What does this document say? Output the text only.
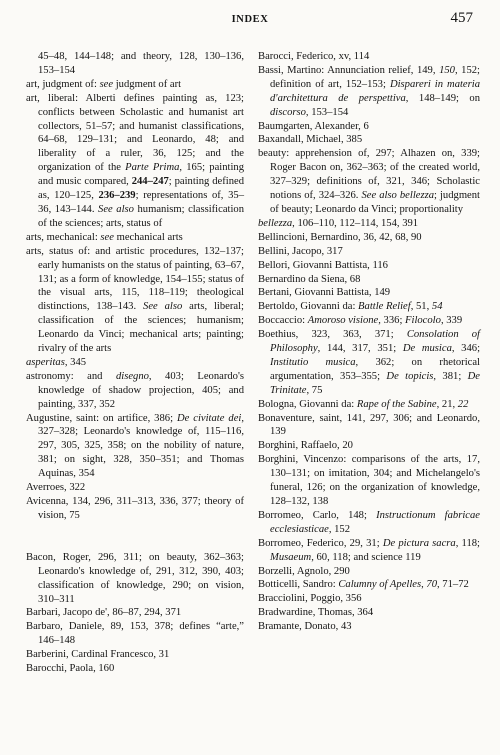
INDEX	457
45–48, 144–148; and theory, 128, 130–136, 153–154
art, judgment of: see judgment of art
art, liberal: Alberti defines painting as, 123; conflicts between Scholastic and humanist art collectors, 51–57; and humanist classifications, 64–68, 129–131; and Leonardo, 48; and liberality of a ruler, 36, 125; and the organization of the Parte Prima, 165; painting and music compared, 244–247; painting defined as, 120–125, 236–239; representations of, 35–36, 143–144. See also humanism; classification of the sciences; arts, status of
arts, mechanical: see mechanical arts
arts, status of: and artistic procedures, 132–137; early humanists on the status of painting, 63–67, 131; as a form of knowledge, 154–155; status of the visual arts, 115, 118–119; theological distinctions, 138–143. See also arts, liberal; classification of the sciences; humanism; Leonardo da Vinci; mechanical arts; painting; rivalry of the arts
asperitas, 345
astronomy: and disegno, 403; Leonardo's knowledge of shadow projection, 405; and painting, 337, 352
Augustine, saint: on artifice, 386; De civitate dei, 327–328; Leonardo's knowledge of, 115–116, 297, 305, 325, 358; on the nobility of nature, 381; on sight, 328, 350–351; and Thomas Aquinas, 354
Averroes, 322
Avicenna, 134, 296, 311–313, 336, 377; theory of vision, 75
Bacon, Roger, 296, 311; on beauty, 362–363; Leonardo's knowledge of, 291, 312, 390, 403; classification of knowledge, 290; on vision, 310–311
Barbari, Jacopo de', 86–87, 294, 371
Barbaro, Daniele, 89, 153, 378; defines “arte,” 146–148
Barberini, Cardinal Francesco, 31
Barocchi, Paola, 160
Barocci, Federico, xv, 114
Bassi, Martino: Annunciation relief, 149, 150, 152; definition of art, 152–153; Dispareri in materia d'architettura de perspettiva, 148–149; on discorso, 153–154
Baumgarten, Alexander, 6
Baxandall, Michael, 385
beauty: apprehension of, 297; Alhazen on, 339; Roger Bacon on, 362–363; of the created world, 327–329; definitions of, 321, 346; Scholastic notions of, 324–326. See also bellezza; judgment of beauty; Leonardo da Vinci; proportionality
bellezza, 106–110, 112–114, 154, 391
Bellincioni, Bernardino, 36, 42, 68, 90
Bellini, Jacopo, 317
Bellori, Giovanni Battista, 116
Bernardino da Siena, 68
Bertani, Giovanni Battista, 149
Bertoldo, Giovanni da: Battle Relief, 51, 54
Boccaccio: Amoroso visione, 336; Filocolo, 339
Boethius, 323, 363, 371; Consolation of Philosophy, 144, 317, 351; De musica, 346; Institutio musica, 362; on rhetorical argumentation, 353–355; De topicis, 381; De Trinitate, 75
Bologna, Giovanni da: Rape of the Sabine, 21, 22
Bonaventure, saint, 141, 297, 306; and Leonardo, 139
Borghini, Raffaelo, 20
Borghini, Vincenzo: comparisons of the arts, 17, 130–131; on imitation, 304; and Michelangelo's funeral, 126; on the organization of knowledge, 128–132, 138
Borromeo, Carlo, 148; Instructionum fabricae ecclesiasticae, 152
Borromeo, Federico, 29, 31; De pictura sacra, 118; Musaeum, 60, 118; and science 119
Borzelli, Agnolo, 290
Botticelli, Sandro: Calumny of Apelles, 70, 71–72
Bracciolini, Poggio, 356
Bradwardine, Thomas, 364
Bramante, Donato, 43
